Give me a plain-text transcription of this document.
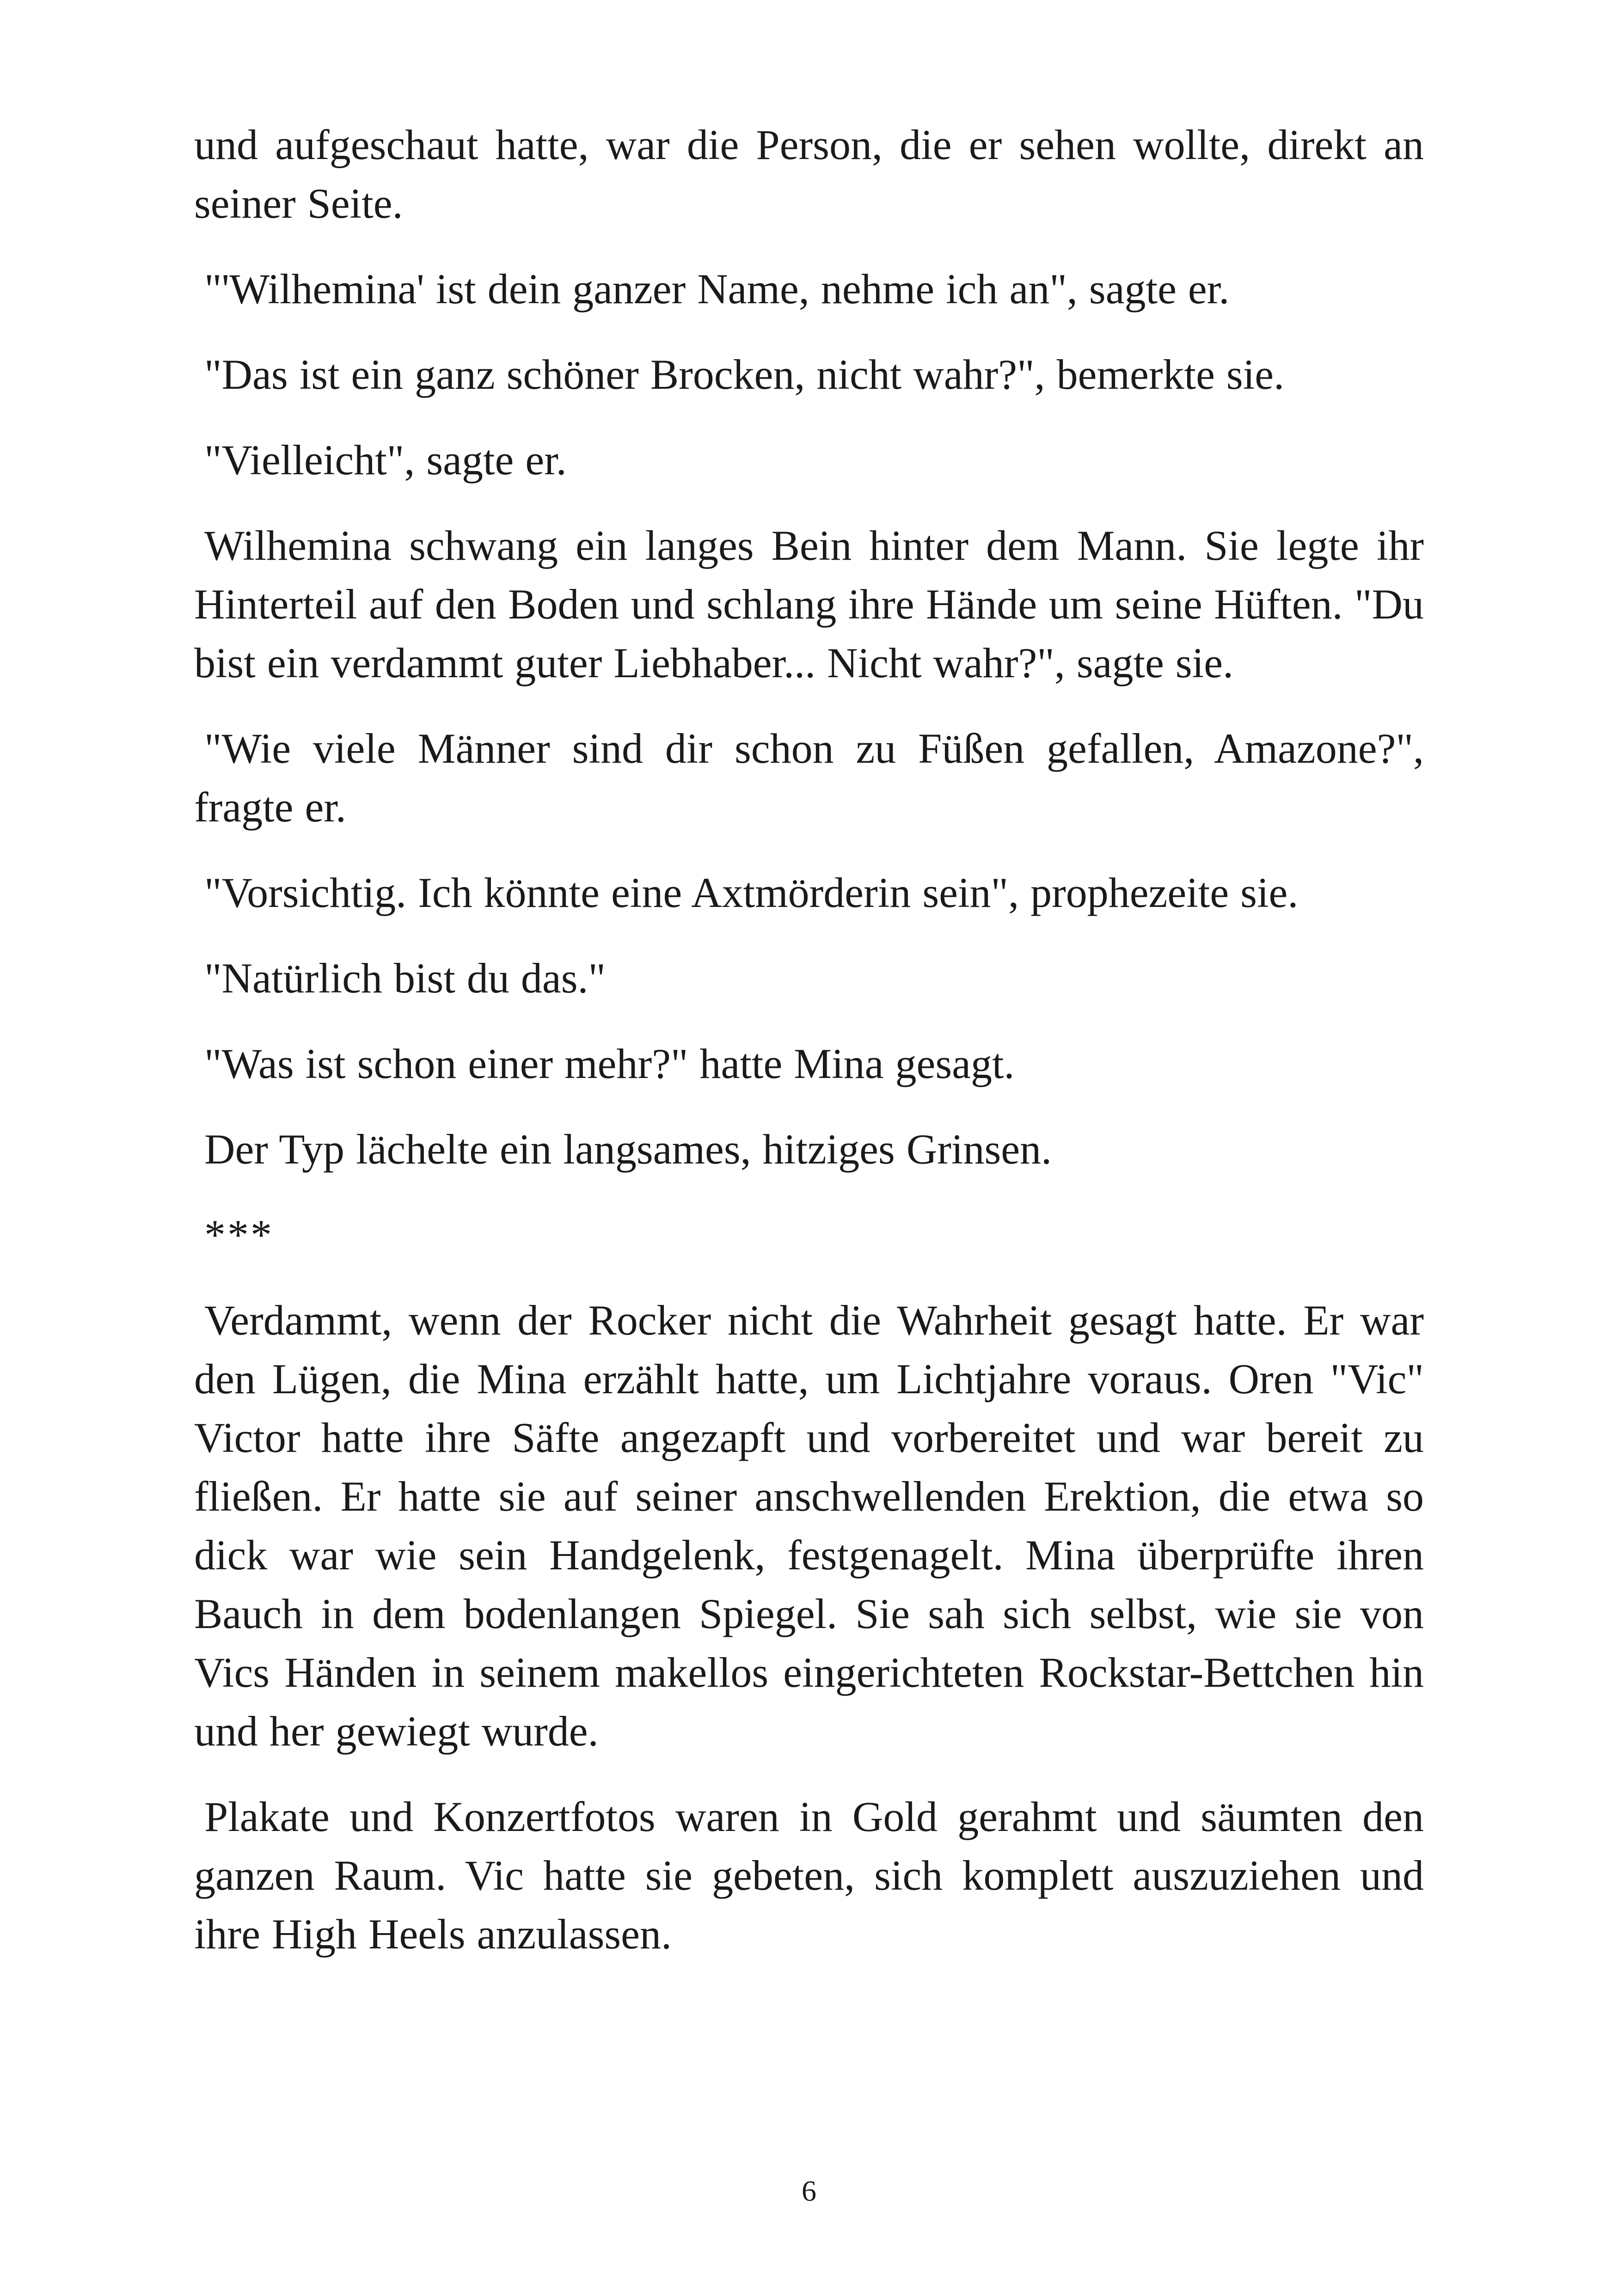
und aufgeschaut hatte, war die Person, die er sehen wollte, direkt an seiner Seite.

"'Wilhemina' ist dein ganzer Name, nehme ich an", sagte er.

"Das ist ein ganz schöner Brocken, nicht wahr?", bemerkte sie.

"Vielleicht", sagte er.

Wilhemina schwang ein langes Bein hinter dem Mann. Sie legte ihr Hinterteil auf den Boden und schlang ihre Hände um seine Hüften. "Du bist ein verdammt guter Liebhaber... Nicht wahr?", sagte sie.

"Wie viele Männer sind dir schon zu Füßen gefallen, Amazone?", fragte er.

"Vorsichtig. Ich könnte eine Axtmörderin sein", prophezeite sie.

"Natürlich bist du das."

"Was ist schon einer mehr?" hatte Mina gesagt.

Der Typ lächelte ein langsames, hitziges Grinsen.

***

Verdammt, wenn der Rocker nicht die Wahrheit gesagt hatte. Er war den Lügen, die Mina erzählt hatte, um Lichtjahre voraus. Oren "Vic" Victor hatte ihre Säfte angezapft und vorbereitet und war bereit zu fließen. Er hatte sie auf seiner anschwellenden Erektion, die etwa so dick war wie sein Handgelenk, festgenagelt. Mina überprüfte ihren Bauch in dem bodenlangen Spiegel. Sie sah sich selbst, wie sie von Vics Händen in seinem makellos eingerichteten Rockstar-Bettchen hin und her gewiegt wurde.

Plakate und Konzertfotos waren in Gold gerahmt und säumten den ganzen Raum. Vic hatte sie gebeten, sich komplett auszuziehen und ihre High Heels anzulassen.

6
